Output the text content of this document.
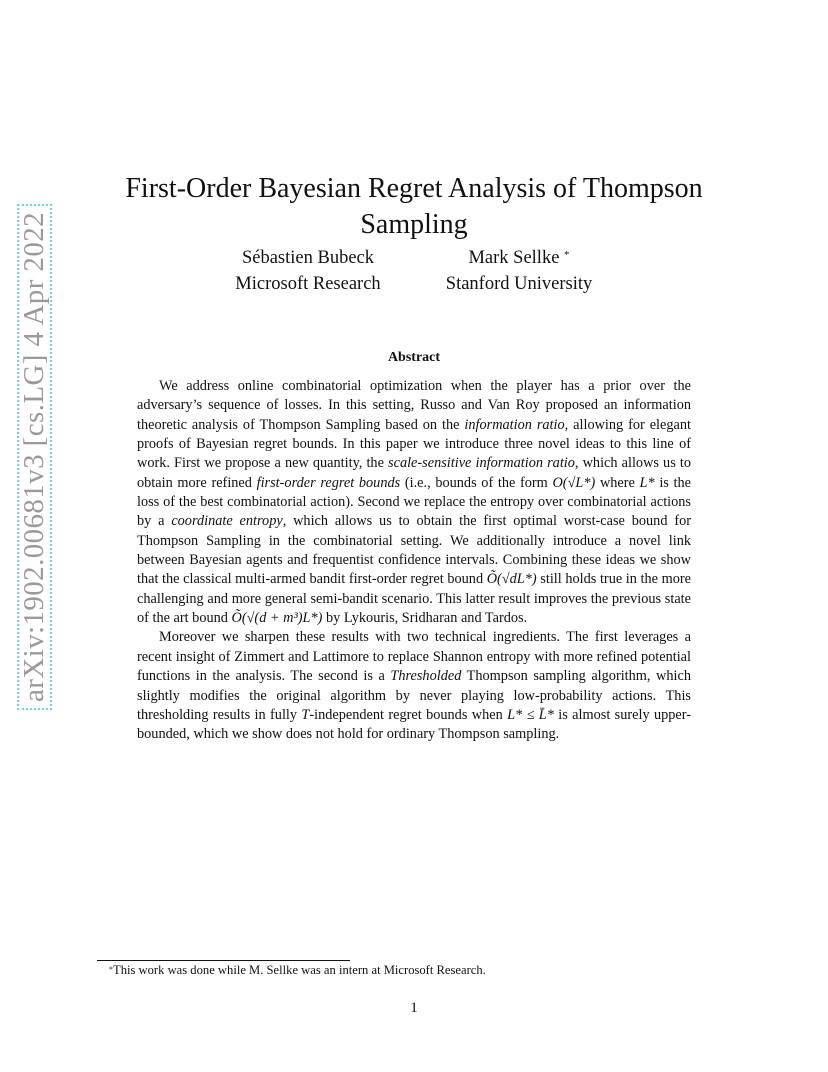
arXiv:1902.00681v3 [cs.LG] 4 Apr 2022
First-Order Bayesian Regret Analysis of Thompson Sampling
Sébastien Bubeck
Microsoft Research
Mark Sellke *
Stanford University
Abstract

We address online combinatorial optimization when the player has a prior over the adversary’s sequence of losses. In this setting, Russo and Van Roy proposed an information theoretic analysis of Thompson Sampling based on the information ratio, allowing for elegant proofs of Bayesian regret bounds. In this paper we introduce three novel ideas to this line of work. First we propose a new quantity, the scale-sensitive information ratio, which allows us to obtain more refined first-order regret bounds (i.e., bounds of the form O(√L*) where L* is the loss of the best combinatorial action). Second we replace the entropy over combinatorial actions by a coordinate entropy, which allows us to obtain the first optimal worst-case bound for Thompson Sampling in the combinatorial setting. We additionally introduce a novel link between Bayesian agents and frequentist confidence intervals. Combining these ideas we show that the classical multi-armed bandit first-order regret bound Õ(√dL*) still holds true in the more challenging and more general semi-bandit scenario. This latter result improves the previous state of the art bound Õ(√(d + m³)L*) by Lykouris, Sridharan and Tardos.

Moreover we sharpen these results with two technical ingredients. The first leverages a recent insight of Zimmert and Lattimore to replace Shannon entropy with more refined potential functions in the analysis. The second is a Thresholded Thompson sampling algorithm, which slightly modifies the original algorithm by never playing low-probability actions. This thresholding results in fully T-independent regret bounds when L* ≤ L̄* is almost surely upper-bounded, which we show does not hold for ordinary Thompson sampling.

*This work was done while M. Sellke was an intern at Microsoft Research.
1
